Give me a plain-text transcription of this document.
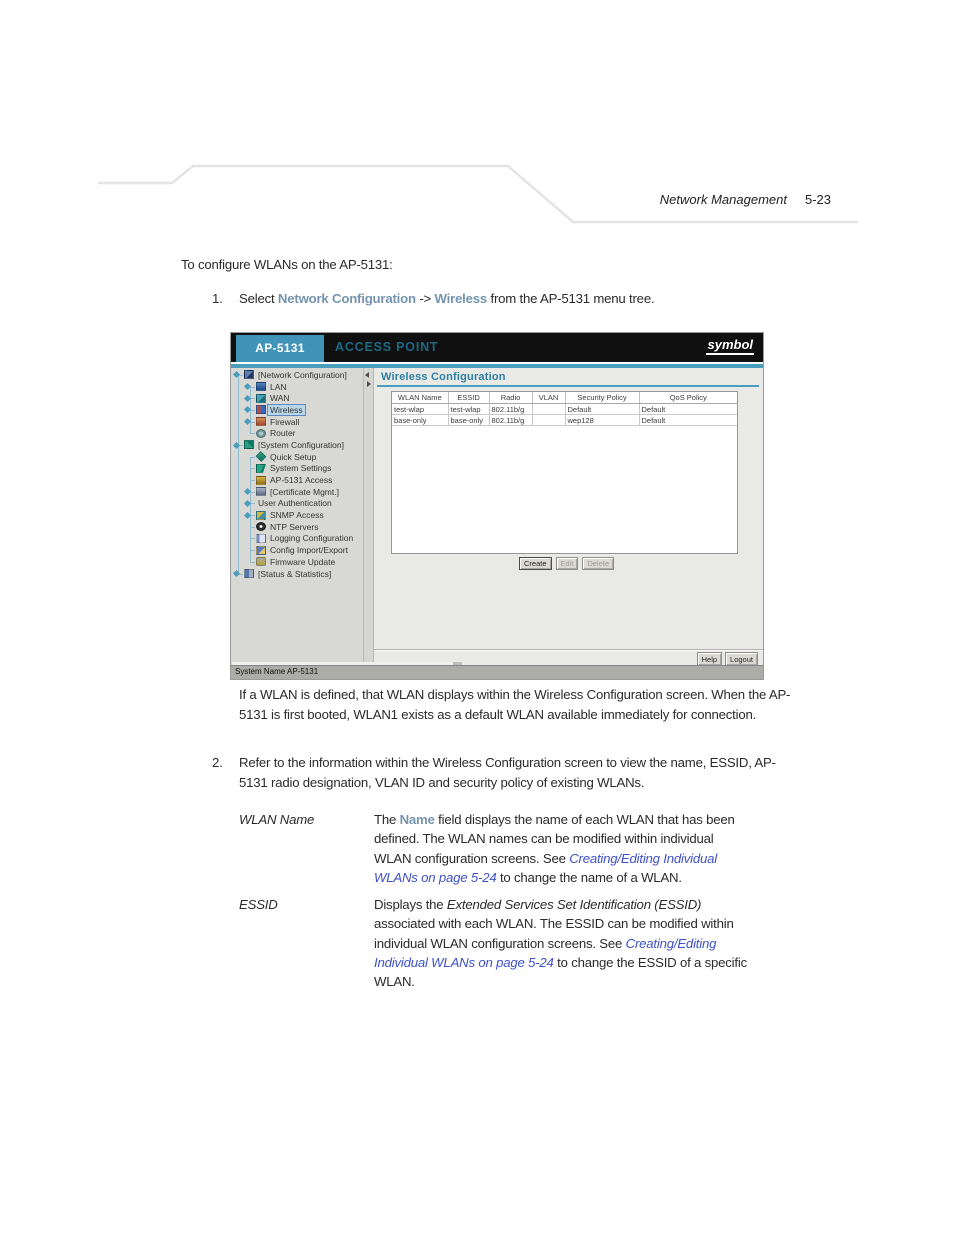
Network Management 5-23

To configure WLANs on the AP-5131:

1. Select Network Configuration -> Wireless from the AP-5131 menu tree.
AP-5131	ACCESS POINT	symbol
[Network Configuration]
LAN
WAN
Wireless
Firewall
Router
[System Configuration]
Quick Setup
System Settings
AP-5131 Access
[Certificate Mgmt.]
User Authentication
SNMP Access
NTP Servers
Logging Configuration
Config Import/Export
Firmware Update
[Status & Statistics]
Wireless Configuration
WLAN Name	ESSID	Radio	VLAN	Security Policy	QoS Policy
test-wlap	test-wlap	802.11b/g		Default	Default
base-only	base-only	802.11b/g		wep128	Default
Create	Edit	Delete
Help	Logout
System Name AP-5131

If a WLAN is defined, that WLAN displays within the Wireless Configuration screen. When the AP-5131 is first booted, WLAN1 exists as a default WLAN available immediately for connection.

2. Refer to the information within the Wireless Configuration screen to view the name, ESSID, AP-5131 radio designation, VLAN ID and security policy of existing WLANs.
WLAN Name	The Name field displays the name of each WLAN that has been defined. The WLAN names can be modified within individual WLAN configuration screens. See Creating/Editing Individual WLANs on page 5-24 to change the name of a WLAN.
ESSID	Displays the Extended Services Set Identification (ESSID) associated with each WLAN. The ESSID can be modified within individual WLAN configuration screens. See Creating/Editing Individual WLANs on page 5-24 to change the ESSID of a specific WLAN.
